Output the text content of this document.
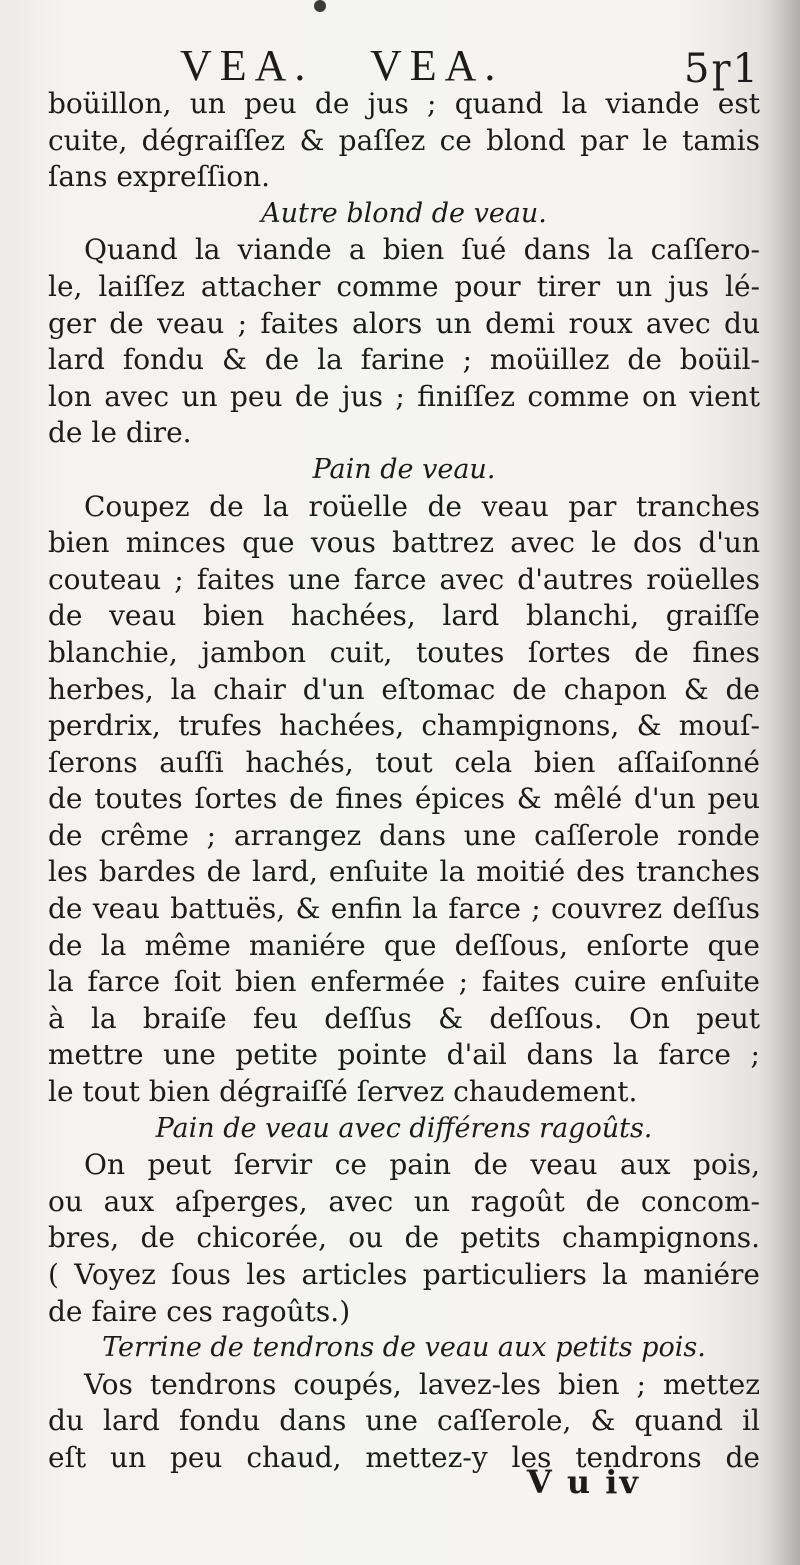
VEA. VEA.	5ɼ1
boüillon, un peu de jus ; quand la viande est
cuite, dégraiſſez & paſſez ce blond par le tamis
ſans expreſſion.
Autre blond de veau.
Quand la viande a bien ſué dans la caſſero-
le, laiſſez attacher comme pour tirer un jus lé-
ger de veau ; faites alors un demi roux avec du
lard fondu & de la farine ; moüillez de boüil-
lon avec un peu de jus ; finiſſez comme on vient
de le dire.
Pain de veau.
Coupez de la roüelle de veau par tranches
bien minces que vous battrez avec le dos d'un
couteau ; faites une farce avec d'autres roüelles
de veau bien hachées, lard blanchi, graiſſe
blanchie, jambon cuit, toutes ſortes de fines
herbes, la chair d'un eſtomac de chapon & de
perdrix, trufes hachées, champignons, & mouſ-
ſerons auſſi hachés, tout cela bien aſſaiſonné
de toutes ſortes de fines épices & mêlé d'un peu
de crême ; arrangez dans une caſſerole ronde
les bardes de lard, enſuite la moitié des tranches
de veau battuës, & enfin la farce ; couvrez deſſus
de la même maniére que deſſous, enſorte que
la farce ſoit bien enfermée ; faites cuire enſuite
à la braiſe feu deſſus & deſſous. On peut
mettre une petite pointe d'ail dans la farce ;
le tout bien dégraiſſé ſervez chaudement.
Pain de veau avec différens ragoûts.
On peut ſervir ce pain de veau aux pois,
ou aux aſperges, avec un ragoût de concom-
bres, de chicorée, ou de petits champignons.
( Voyez ſous les articles particuliers la maniére
de faire ces ragoûts.)
Terrine de tendrons de veau aux petits pois.
Vos tendrons coupés, lavez-les bien ; mettez
du lard fondu dans une caſſerole, & quand il
eſt un peu chaud, mettez-y les tendrons de
V u iv
